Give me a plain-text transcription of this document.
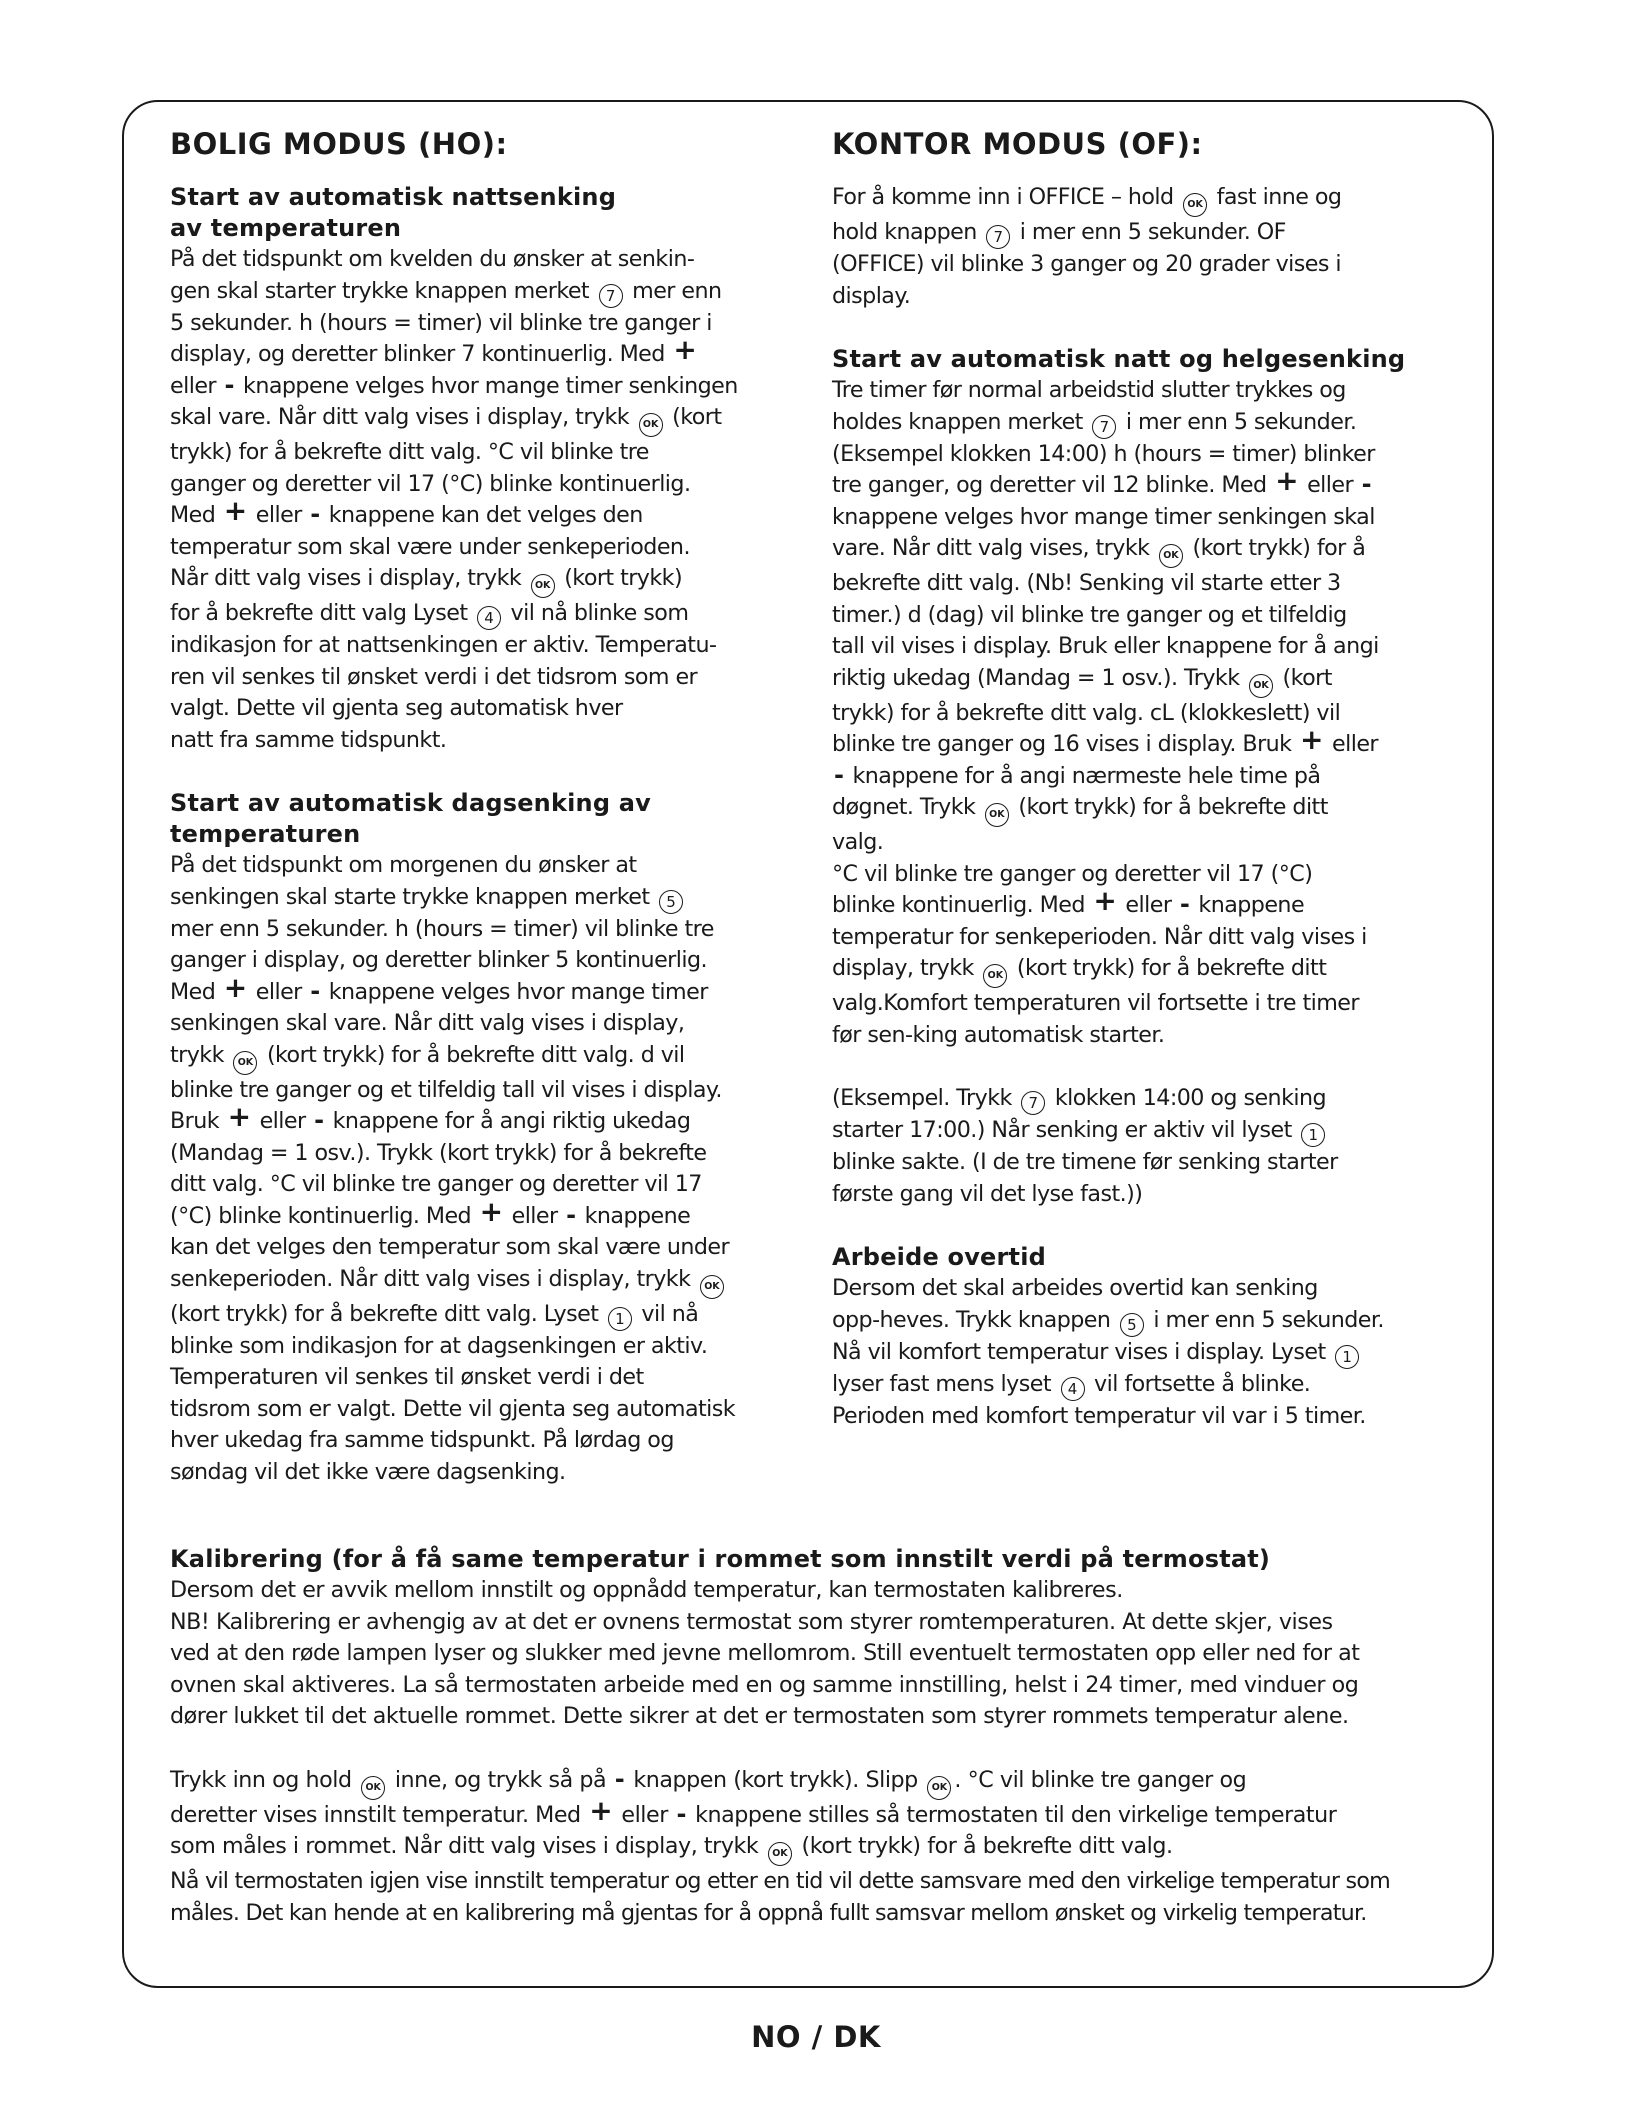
BOLIG MODUS (HO):
Start av automatisk nattsenking
av temperaturen

På det tidspunkt om kvelden du ønsker at senkin-
gen skal starter trykke knappen merket 7 mer enn
5 sekunder. h (hours = timer) vil blinke tre ganger i
display, og deretter blinker 7 kontinuerlig. Med +
eller - knappene velges hvor mange timer senkingen
skal vare. Når ditt valg vises i display, trykk OK (kort
trykk) for å bekrefte ditt valg. °C vil blinke tre
ganger og deretter vil 17 (°C) blinke kontinuerlig.
Med + eller - knappene kan det velges den
temperatur som skal være under senkeperioden.
Når ditt valg vises i display, trykk OK (kort trykk)
for å bekrefte ditt valg Lyset 4 vil nå blinke som
indikasjon for at nattsenkingen er aktiv. Temperatu-
ren vil senkes til ønsket verdi i det tidsrom som er
valgt. Dette vil gjenta seg automatisk hver
natt fra samme tidspunkt.

Start av automatisk dagsenking av
temperaturen

På det tidspunkt om morgenen du ønsker at
senkingen skal starte trykke knappen merket 5
mer enn 5 sekunder. h (hours = timer) vil blinke tre
ganger i display, og deretter blinker 5 kontinuerlig.
Med + eller - knappene velges hvor mange timer
senkingen skal vare. Når ditt valg vises i display,
trykk OK (kort trykk) for å bekrefte ditt valg. d vil
blinke tre ganger og et tilfeldig tall vil vises i display.
Bruk + eller - knappene for å angi riktig ukedag
(Mandag = 1 osv.). Trykk (kort trykk) for å bekrefte
ditt valg. °C vil blinke tre ganger og deretter vil 17
(°C) blinke kontinuerlig. Med + eller - knappene
kan det velges den temperatur som skal være under
senkeperioden. Når ditt valg vises i display, trykk OK
(kort trykk) for å bekrefte ditt valg. Lyset 1 vil nå
blinke som indikasjon for at dagsenkingen er aktiv.
Temperaturen vil senkes til ønsket verdi i det
tidsrom som er valgt. Dette vil gjenta seg automatisk
hver ukedag fra samme tidspunkt. På lørdag og
søndag vil det ikke være dagsenking.

KONTOR MODUS (OF):

For å komme inn i OFFICE – hold OK fast inne og
hold knappen 7 i mer enn 5 sekunder. OF
(OFFICE) vil blinke 3 ganger og 20 grader vises i
display.

Start av automatisk natt og helgesenking

Tre timer før normal arbeidstid slutter trykkes og
holdes knappen merket 7 i mer enn 5 sekunder.
(Eksempel klokken 14:00) h (hours = timer) blinker
tre ganger, og deretter vil 12 blinke. Med + eller -
knappene velges hvor mange timer senkingen skal
vare. Når ditt valg vises, trykk OK (kort trykk) for å
bekrefte ditt valg. (Nb! Senking vil starte etter 3
timer.) d (dag) vil blinke tre ganger og et tilfeldig
tall vil vises i display. Bruk eller knappene for å angi
riktig ukedag (Mandag = 1 osv.). Trykk OK (kort
trykk) for å bekrefte ditt valg. cL (klokkeslett) vil
blinke tre ganger og 16 vises i display. Bruk + eller
- knappene for å angi nærmeste hele time på
døgnet. Trykk OK (kort trykk) for å bekrefte ditt
valg.
°C vil blinke tre ganger og deretter vil 17 (°C)
blinke kontinuerlig. Med + eller - knappene
temperatur for senkeperioden. Når ditt valg vises i
display, trykk OK (kort trykk) for å bekrefte ditt
valg.Komfort temperaturen vil fortsette i tre timer
før sen-king automatisk starter.

(Eksempel. Trykk 7 klokken 14:00 og senking
starter 17:00.) Når senking er aktiv vil lyset 1
blinke sakte. (I de tre timene før senking starter
første gang vil det lyse fast.))

Arbeide overtid

Dersom det skal arbeides overtid kan senking
opp-heves. Trykk knappen 5 i mer enn 5 sekunder.
Nå vil komfort temperatur vises i display. Lyset 1
lyser fast mens lyset 4 vil fortsette å blinke.
Perioden med komfort temperatur vil var i 5 timer.

Kalibrering (for å få same temperatur i rommet som innstilt verdi på termostat)

Dersom det er avvik mellom innstilt og oppnådd temperatur, kan termostaten kalibreres.
NB! Kalibrering er avhengig av at det er ovnens termostat som styrer romtemperaturen. At dette skjer, vises
ved at den røde lampen lyser og slukker med jevne mellomrom. Still eventuelt termostaten opp eller ned for at
ovnen skal aktiveres. La så termostaten arbeide med en og samme innstilling, helst i 24 timer, med vinduer og
dører lukket til det aktuelle rommet. Dette sikrer at det er termostaten som styrer rommets temperatur alene.

Trykk inn og hold OK inne, og trykk så på - knappen (kort trykk). Slipp OK . °C vil blinke tre ganger og
deretter vises innstilt temperatur. Med + eller - knappene stilles så termostaten til den virkelige temperatur
som måles i rommet. Når ditt valg vises i display, trykk OK (kort trykk) for å bekrefte ditt valg.
Nå vil termostaten igjen vise innstilt temperatur og etter en tid vil dette samsvare med den virkelige temperatur som
måles. Det kan hende at en kalibrering må gjentas for å oppnå fullt samsvar mellom ønsket og virkelig temperatur.

NO / DK
